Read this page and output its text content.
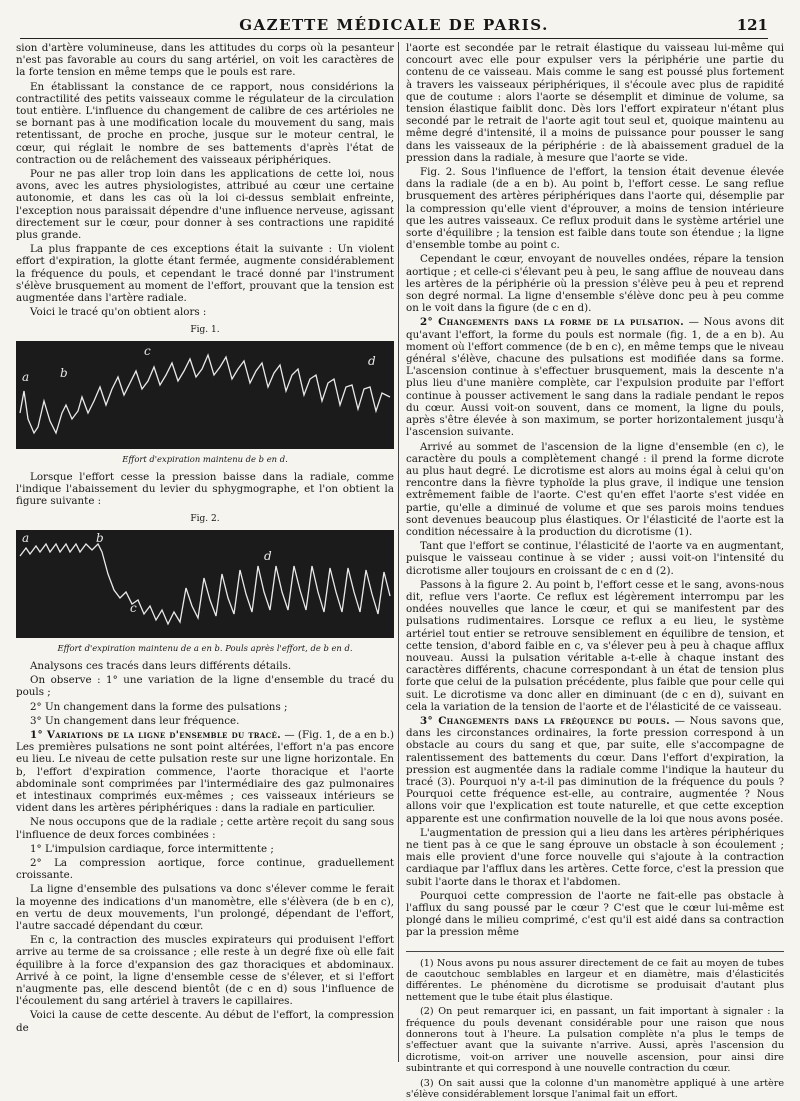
GAZETTE MÉDICALE DE PARIS.	121

sion d'artère volumineuse, dans les attitudes du corps où la pesanteur n'est pas favorable au cours du sang artériel, on voit les caractères de la forte tension en même temps que le pouls est rare.

En établissant la constance de ce rapport, nous considérions la contractilité des petits vaisseaux comme le régulateur de la circulation tout entière. L'influence du changement de calibre de ces artérioles ne se bornant pas à une modification locale du mouvement du sang, mais retentissant, de proche en proche, jusque sur le moteur central, le cœur, qui réglait le nombre de ses battements d'après l'état de contraction ou de relâchement des vaisseaux périphériques.

Pour ne pas aller trop loin dans les applications de cette loi, nous avons, avec les autres physiologistes, attribué au cœur une certaine autonomie, et dans les cas où la loi ci-dessus semblait enfreinte, l'exception nous paraissait dépendre d'une influence nerveuse, agissant directement sur le cœur, pour donner à ses contractions une rapidité plus grande.

La plus frappante de ces exceptions était la suivante : Un violent effort d'expiration, la glotte étant fermée, augmente considérablement la fréquence du pouls, et cependant le tracé donné par l'instrument s'élève brusquement au moment de l'effort, prouvant que la tension est augmentée dans l'artère radiale.

Voici le tracé qu'on obtient alors :

Fig. 1.
a	b
c
d
Effort d'expiration maintenu de b en d.

Lorsque l'effort cesse la pression baisse dans la radiale, comme l'indique l'abaissement du levier du sphygmographe, et l'on obtient la figure suivante :

Fig. 2.
a	b
c
d
Effort d'expiration maintenu de a en b. Pouls après l'effort, de b en d.

Analysons ces tracés dans leurs différents détails.

On observe : 1° une variation de la ligne d'ensemble du tracé du pouls ;

2° Un changement dans la forme des pulsations ;

3° Un changement dans leur fréquence.

1° Variations de la ligne d'ensemble du tracé. — (Fig. 1, de a en b.) Les premières pulsations ne sont point altérées, l'effort n'a pas encore eu lieu. Le niveau de cette pulsation reste sur une ligne horizontale. En b, l'effort d'expiration commence, l'aorte thoracique et l'aorte abdominale sont comprimées par l'intermédiaire des gaz pulmonaires et intestinaux comprimés eux-mêmes ; ces vaisseaux intérieurs se vident dans les artères périphériques : dans la radiale en particulier.

Ne nous occupons que de la radiale ; cette artère reçoit du sang sous l'influence de deux forces combinées :

1° L'impulsion cardiaque, force intermittente ;

2° La compression aortique, force continue, graduellement croissante.

La ligne d'ensemble des pulsations va donc s'élever comme le ferait la moyenne des indications d'un manomètre, elle s'élèvera (de b en c), en vertu de deux mouvements, l'un prolongé, dépendant de l'effort, l'autre saccadé dépendant du cœur.

En c, la contraction des muscles expirateurs qui produisent l'effort arrive au terme de sa croissance ; elle reste à un degré fixe où elle fait équilibre à la force d'expansion des gaz thoraciques et abdominaux. Arrivé à ce point, la ligne d'ensemble cesse de s'élever, et si l'effort n'augmente pas, elle descend bientôt (de c en d) sous l'influence de l'écoulement du sang artériel à travers le capillaires.

Voici la cause de cette descente. Au début de l'effort, la compression de

l'aorte est secondée par le retrait élastique du vaisseau lui-même qui concourt avec elle pour expulser vers la périphérie une partie du contenu de ce vaisseau. Mais comme le sang est poussé plus fortement à travers les vaisseaux périphériques, il s'écoule avec plus de rapidité que de coutume : alors l'aorte se désemplit et diminue de volume, sa tension élastique faiblit donc. Dès lors l'effort expirateur n'étant plus secondé par le retrait de l'aorte agit tout seul et, quoique maintenu au même degré d'intensité, il a moins de puissance pour pousser le sang dans les vaisseaux de la périphérie : de là abaissement graduel de la pression dans la radiale, à mesure que l'aorte se vide.

Fig. 2. Sous l'influence de l'effort, la tension était devenue élevée dans la radiale (de a en b). Au point b, l'effort cesse. Le sang reflue brusquement des artères périphériques dans l'aorte qui, désemplie par la compression qu'elle vient d'éprouver, a moins de tension intérieure que les autres vaisseaux. Ce reflux produit dans le système artériel une sorte d'équilibre ; la tension est faible dans toute son étendue ; la ligne d'ensemble tombe au point c.

Cependant le cœur, envoyant de nouvelles ondées, répare la tension aortique ; et celle-ci s'élevant peu à peu, le sang afflue de nouveau dans les artères de la périphérie où la pression s'élève peu à peu et reprend son degré normal. La ligne d'ensemble s'élève donc peu à peu comme on le voit dans la figure (de c en d).

2° Changements dans la forme de la pulsation. — Nous avons dit qu'avant l'effort, la forme du pouls est normale (fig. 1, de a en b). Au moment où l'effort commence (de b en c), en même temps que le niveau général s'élève, chacune des pulsations est modifiée dans sa forme. L'ascension continue à s'effectuer brusquement, mais la descente n'a plus lieu d'une manière complète, car l'expulsion produite par l'effort continue à pousser activement le sang dans la radiale pendant le repos du cœur. Aussi voit-on souvent, dans ce moment, la ligne du pouls, après s'être élevée à son maximum, se porter horizontalement jusqu'à l'ascension suivante.

Arrivé au sommet de l'ascension de la ligne d'ensemble (en c), le caractère du pouls a complètement changé : il prend la forme dicrote au plus haut degré. Le dicrotisme est alors au moins égal à celui qu'on rencontre dans la fièvre typhoïde la plus grave, il indique une tension extrêmement faible de l'aorte. C'est qu'en effet l'aorte s'est vidée en partie, qu'elle a diminué de volume et que ses parois moins tendues sont devenues beaucoup plus élastiques. Or l'élasticité de l'aorte est la condition nécessaire à la production du dicrotisme (1).

Tant que l'effort se continue, l'élasticité de l'aorte va en augmentant, puisque le vaisseau continue à se vider ; aussi voit-on l'intensité du dicrotisme aller toujours en croissant de c en d (2).

Passons à la figure 2. Au point b, l'effort cesse et le sang, avons-nous dit, reflue vers l'aorte. Ce reflux est légèrement interrompu par les ondées nouvelles que lance le cœur, et qui se manifestent par des pulsations rudimentaires. Lorsque ce reflux a eu lieu, le système artériel tout entier se retrouve sensiblement en équilibre de tension, et cette tension, d'abord faible en c, va s'élever peu à peu à chaque afflux nouveau. Aussi la pulsation véritable a-t-elle à chaque instant des caractères différents, chacune correspondant à un état de tension plus forte que celui de la pulsation précédente, plus faible que pour celle qui suit. Le dicrotisme va donc aller en diminuant (de c en d), suivant en cela la variation de la tension de l'aorte et de l'élasticité de ce vaisseau.

3° Changements dans la fréquence du pouls. — Nous savons que, dans les circonstances ordinaires, la forte pression correspond à un obstacle au cours du sang et que, par suite, elle s'accompagne de ralentissement des battements du cœur. Dans l'effort d'expiration, la pression est augmentée dans la radiale comme l'indique la hauteur du tracé (3). Pourquoi n'y a-t-il pas diminution de la fréquence du pouls ? Pourquoi cette fréquence est-elle, au contraire, augmentée ? Nous allons voir que l'explication est toute naturelle, et que cette exception apparente est une confirmation nouvelle de la loi que nous avons posée.

L'augmentation de pression qui a lieu dans les artères périphériques ne tient pas à ce que le sang éprouve un obstacle à son écoulement ; mais elle provient d'une force nouvelle qui s'ajoute à la contraction cardiaque par l'afflux dans les artères. Cette force, c'est la pression que subit l'aorte dans le thorax et l'abdomen.

Pourquoi cette compression de l'aorte ne fait-elle pas obstacle à l'afflux du sang poussé par le cœur ? C'est que le cœur lui-même est plongé dans le milieu comprimé, c'est qu'il est aidé dans sa contraction par la pression même

(1) Nous avons pu nous assurer directement de ce fait au moyen de tubes de caoutchouc semblables en largeur et en diamètre, mais d'élasticités différentes. Le phénomène du dicrotisme se produisait d'autant plus nettement que le tube était plus élastique.

(2) On peut remarquer ici, en passant, un fait important à signaler : la fréquence du pouls devenant considérable pour une raison que nous donnerons tout à l'heure. La pulsation complète n'a plus le temps de s'effectuer avant que la suivante n'arrive. Aussi, après l'ascension du dicrotisme, voit-on arriver une nouvelle ascension, pour ainsi dire subintrante et qui correspond à une nouvelle contraction du cœur.

(3) On sait aussi que la colonne d'un manomètre appliqué à une artère s'élève considérablement lorsque l'animal fait un effort.
